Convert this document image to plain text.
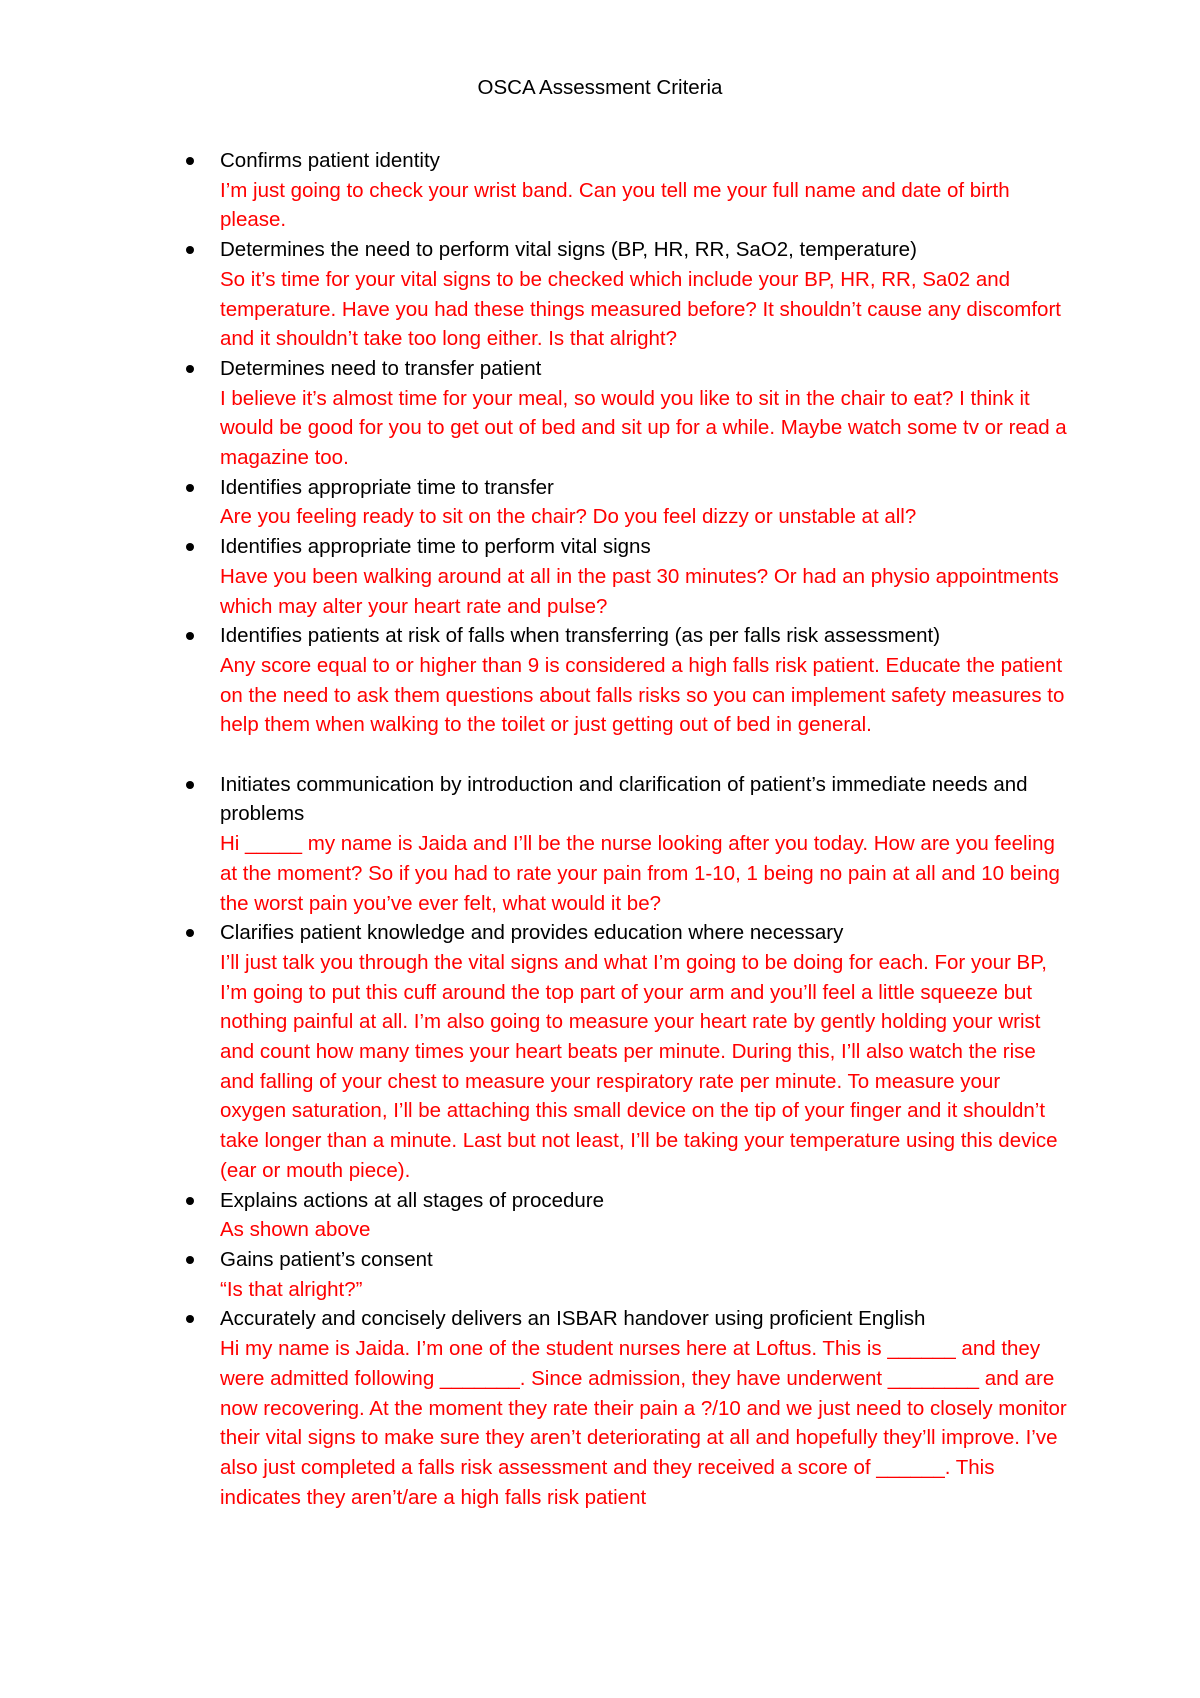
OSCA Assessment Criteria
Confirms patient identity
I’m just going to check your wrist band. Can you tell me your full name and date of birth please.
Determines the need to perform vital signs (BP, HR, RR, SaO2, temperature)
So it’s time for your vital signs to be checked which include your BP, HR, RR, Sa02 and temperature. Have you had these things measured before? It shouldn’t cause any discomfort and it shouldn’t take too long either. Is that alright?
Determines need to transfer patient
I believe it’s almost time for your meal, so would you like to sit in the chair to eat? I think it would be good for you to get out of bed and sit up for a while. Maybe watch some tv or read a magazine too.
Identifies appropriate time to transfer
Are you feeling ready to sit on the chair? Do you feel dizzy or unstable at all?
Identifies appropriate time to perform vital signs
Have you been walking around at all in the past 30 minutes? Or had an physio appointments which may alter your heart rate and pulse?
Identifies patients at risk of falls when transferring (as per falls risk assessment)
Any score equal to or higher than 9 is considered a high falls risk patient. Educate the patient on the need to ask them questions about falls risks so you can implement safety measures to help them when walking to the toilet or just getting out of bed in general.
Initiates communication by introduction and clarification of patient’s immediate needs and problems
Hi _____ my name is Jaida and I’ll be the nurse looking after you today. How are you feeling at the moment? So if you had to rate your pain from 1-10, 1 being no pain at all and 10 being the worst pain you’ve ever felt, what would it be?
Clarifies patient knowledge and provides education where necessary
I’ll just talk you through the vital signs and what I’m going to be doing for each. For your BP, I’m going to put this cuff around the top part of your arm and you’ll feel a little squeeze but nothing painful at all. I’m also going to measure your heart rate by gently holding your wrist and count how many times your heart beats per minute. During this, I’ll also watch the rise and falling of your chest to measure your respiratory rate per minute. To measure your oxygen saturation, I’ll be attaching this small device on the tip of your finger and it shouldn’t take longer than a minute. Last but not least, I’ll be taking your temperature using this device (ear or mouth piece).
Explains actions at all stages of procedure
As shown above
Gains patient’s consent
“Is that alright?”
Accurately and concisely delivers an ISBAR handover using proficient English
Hi my name is Jaida. I’m one of the student nurses here at Loftus. This is ______ and they were admitted following _______. Since admission, they have underwent ________ and are now recovering. At the moment they rate their pain a ?/10 and we just need to closely monitor their vital signs to make sure they aren’t deteriorating at all and hopefully they’ll improve. I’ve also just completed a falls risk assessment and they received a score of ______. This indicates they aren’t/are a high falls risk patient
